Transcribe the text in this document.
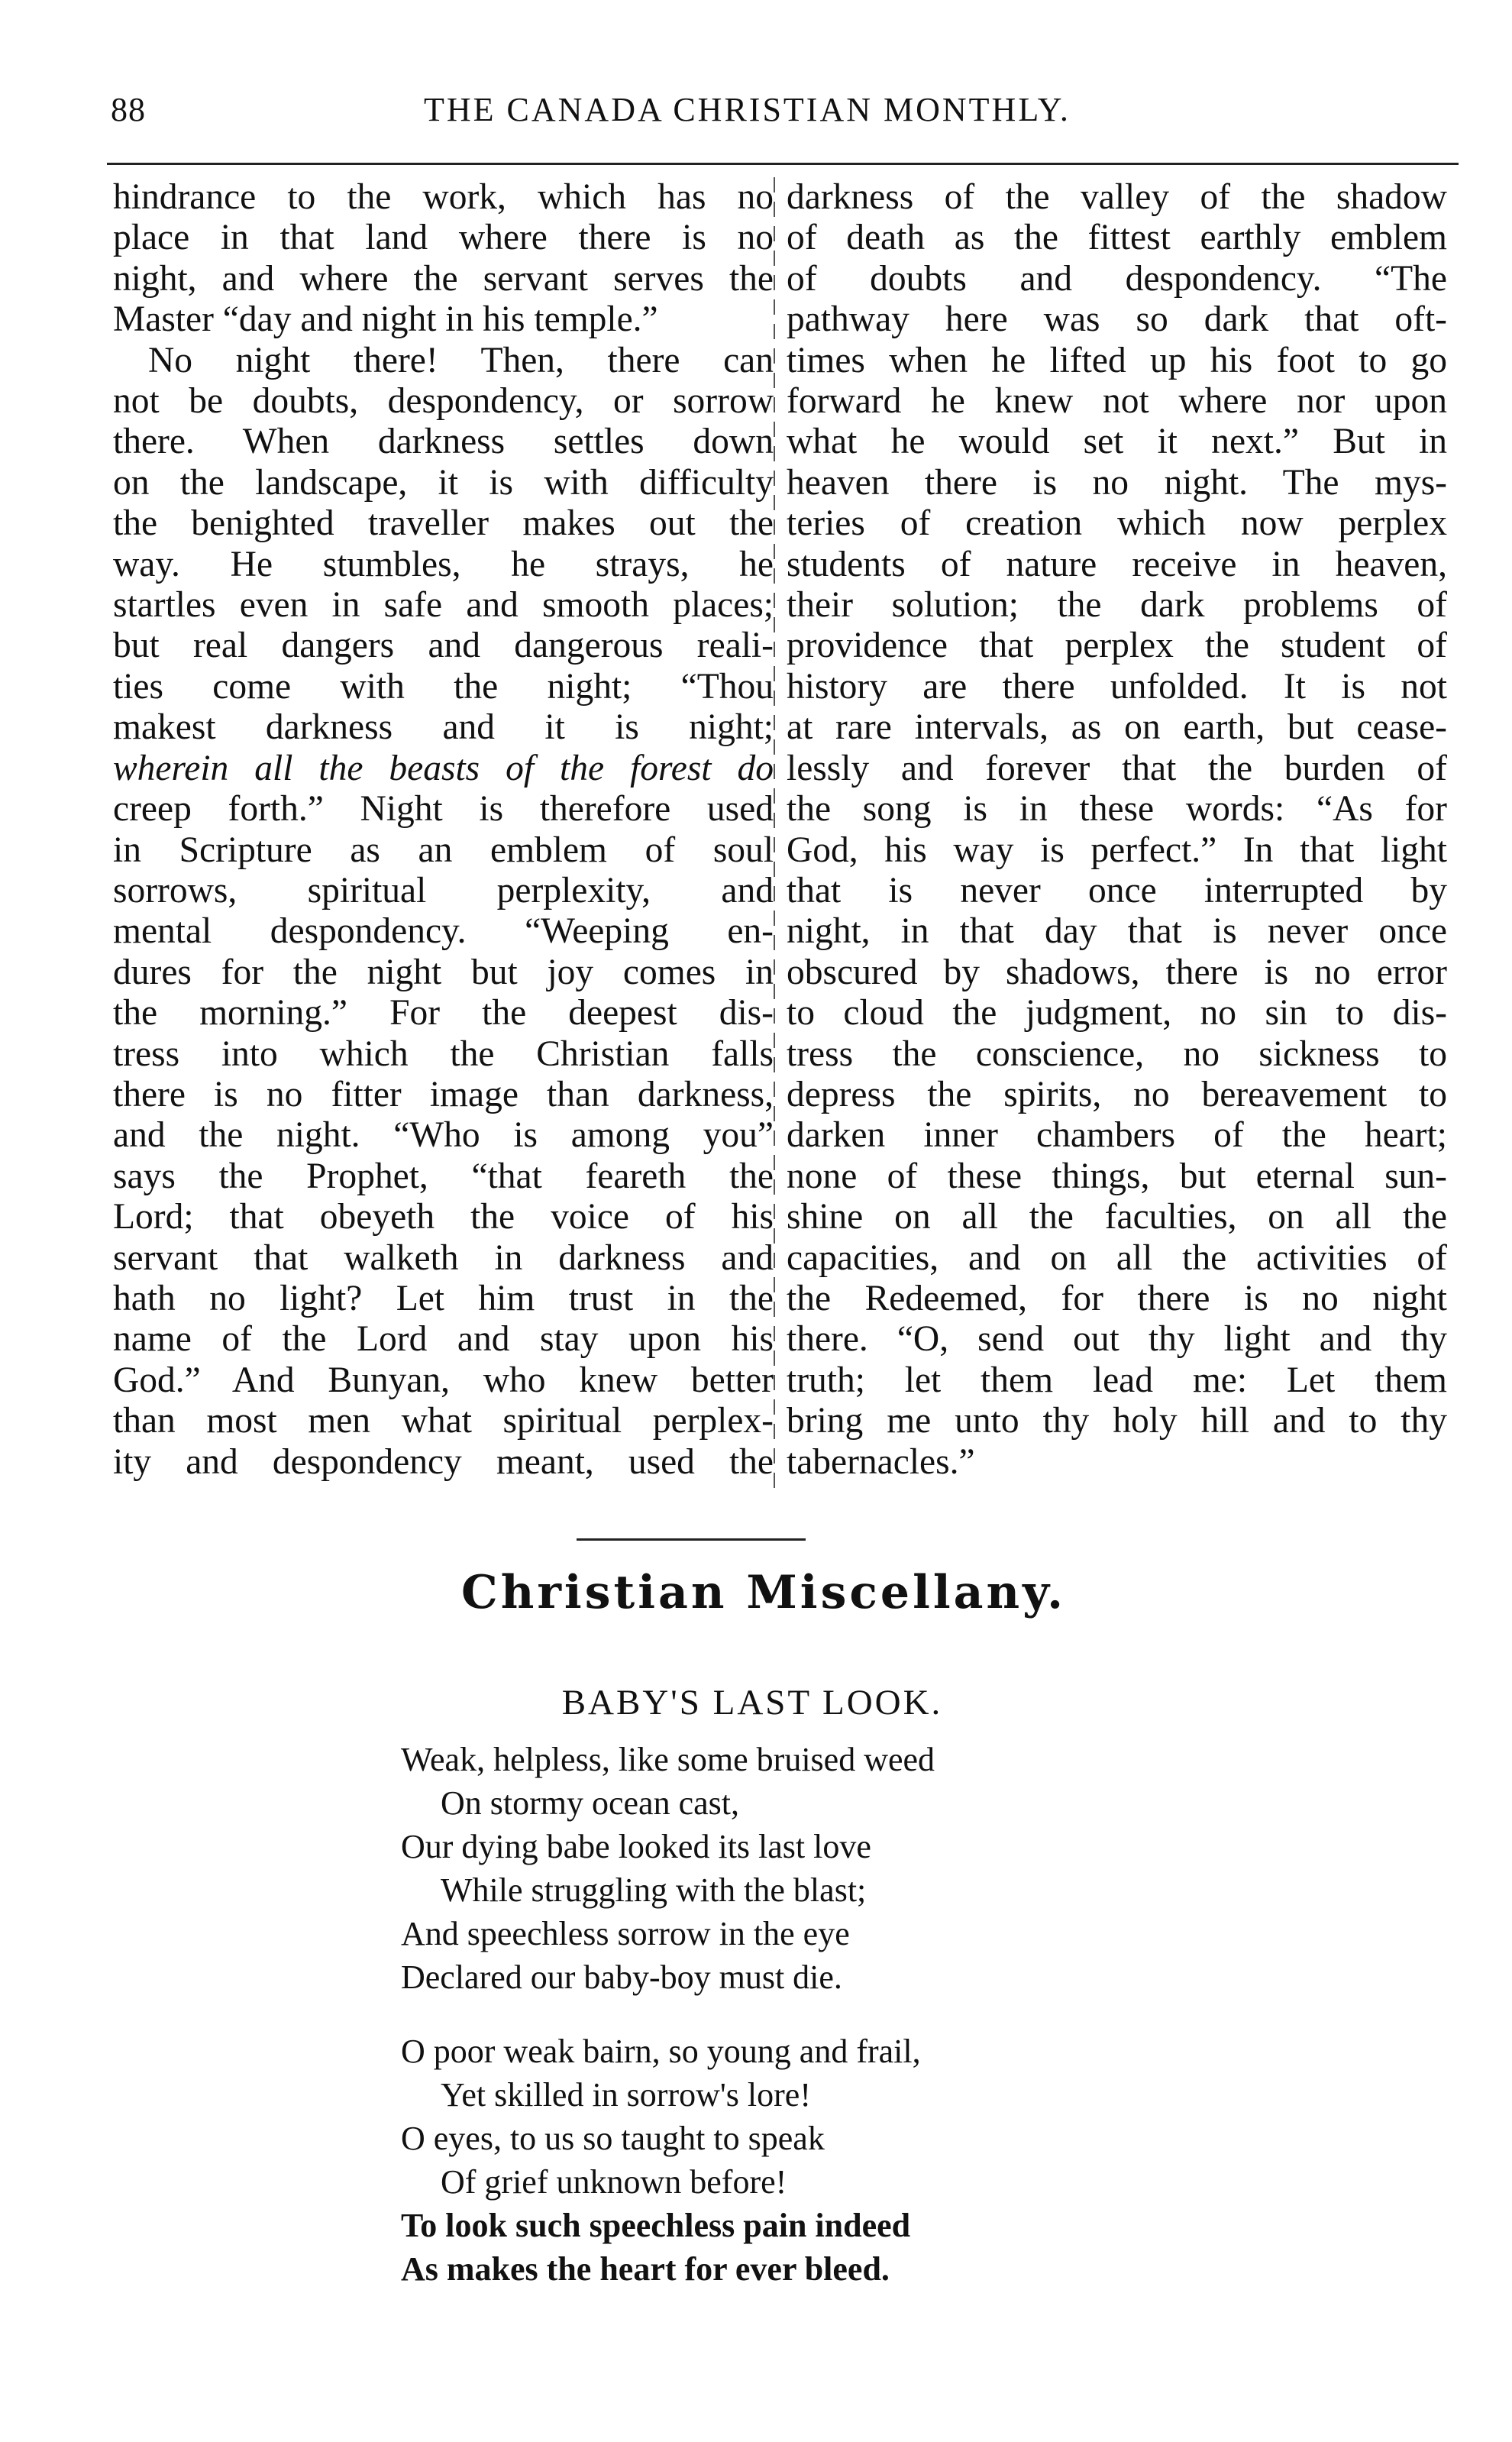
88	THE CANADA CHRISTIAN MONTHLY.
hindrance to the work, which has no
place in that land where there is no
night, and where the servant serves the
Master “day and night in his temple.”
No night there! Then, there can
not be doubts, despondency, or sorrow
there. When darkness settles down
on the landscape, it is with difficulty
the benighted traveller makes out the
way. He stumbles, he strays, he
startles even in safe and smooth places;
but real dangers and dangerous reali-
ties come with the night; “Thou
makest darkness and it is night;
wherein all the beasts of the forest do
creep forth.” Night is therefore used
in Scripture as an emblem of soul
sorrows, spiritual perplexity, and
mental despondency. “Weeping en-
dures for the night but joy comes in
the morning.” For the deepest dis-
tress into which the Christian falls
there is no fitter image than darkness,
and the night. “Who is among you”
says the Prophet, “that feareth the
Lord; that obeyeth the voice of his
servant that walketh in darkness and
hath no light? Let him trust in the
name of the Lord and stay upon his
God.” And Bunyan, who knew better
than most men what spiritual perplex-
ity and despondency meant, used the
darkness of the valley of the shadow
of death as the fittest earthly emblem
of doubts and despondency. “The
pathway here was so dark that oft-
times when he lifted up his foot to go
forward he knew not where nor upon
what he would set it next.” But in
heaven there is no night. The mys-
teries of creation which now perplex
students of nature receive in heaven,
their solution; the dark problems of
providence that perplex the student of
history are there unfolded. It is not
at rare intervals, as on earth, but cease-
lessly and forever that the burden of
the song is in these words: “As for
God, his way is perfect.” In that light
that is never once interrupted by
night, in that day that is never once
obscured by shadows, there is no error
to cloud the judgment, no sin to dis-
tress the conscience, no sickness to
depress the spirits, no bereavement to
darken inner chambers of the heart;
none of these things, but eternal sun-
shine on all the faculties, on all the
capacities, and on all the activities of
the Redeemed, for there is no night
there. “O, send out thy light and thy
truth; let them lead me: Let them
bring me unto thy holy hill and to thy
tabernacles.”
Christian Miscellany.
BABY'S LAST LOOK.
Weak, helpless, like some bruised weed
On stormy ocean cast,
Our dying babe looked its last love
While struggling with the blast;
And speechless sorrow in the eye
Declared our baby-boy must die.
O poor weak bairn, so young and frail,
Yet skilled in sorrow's lore!
O eyes, to us so taught to speak
Of grief unknown before!
To look such speechless pain indeed
As makes the heart for ever bleed.
